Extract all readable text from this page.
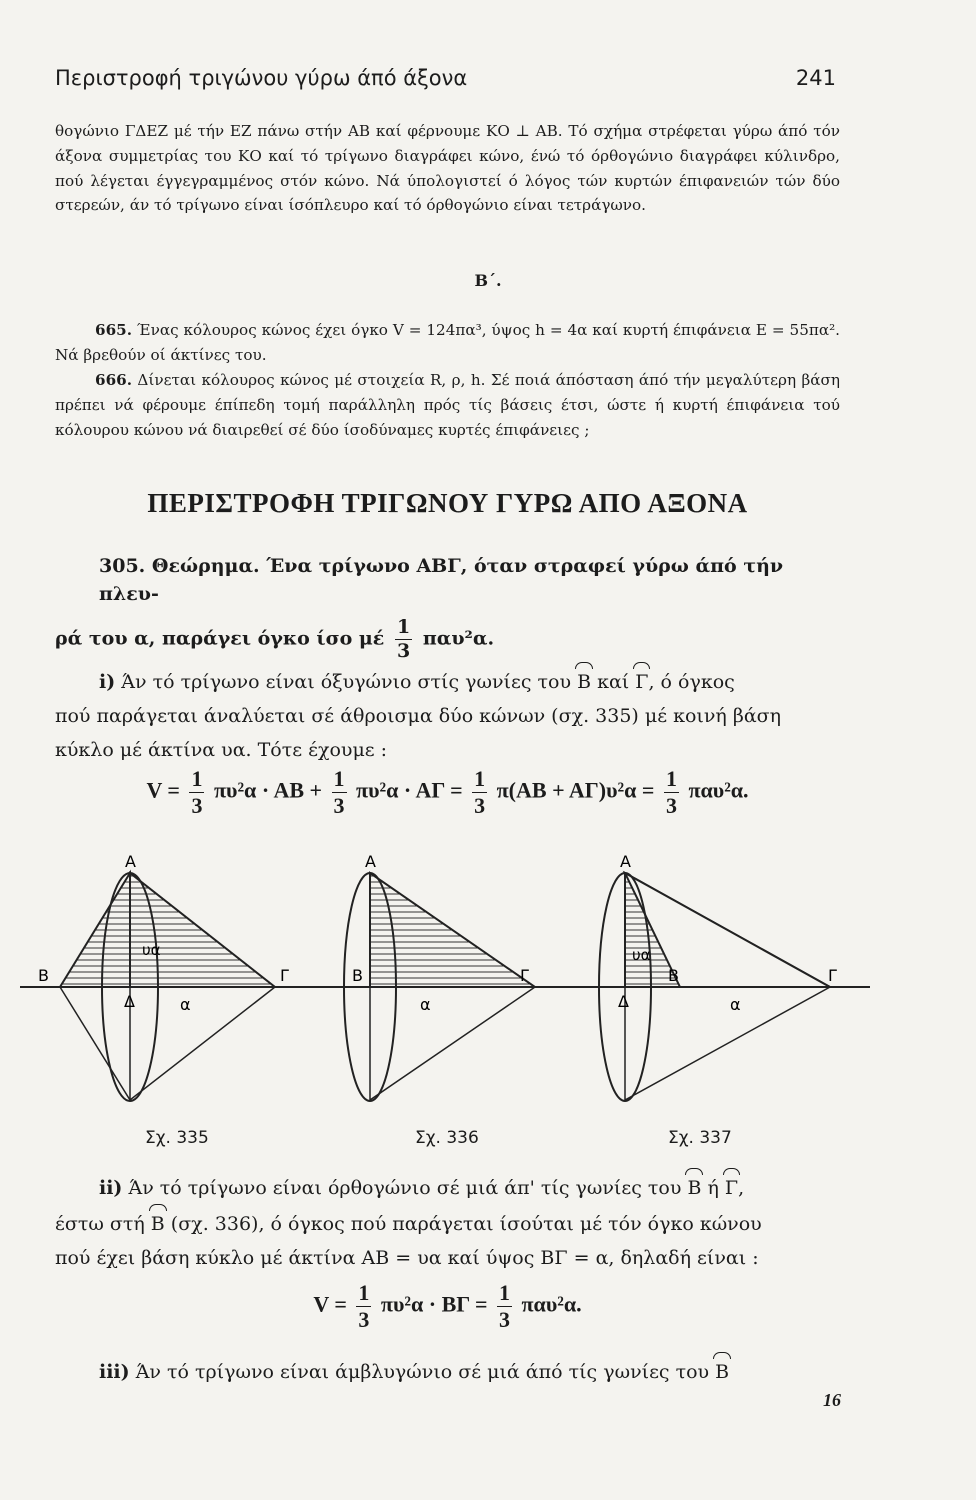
Περιστροφή τριγώνου γύρω άπό άξονα	241

θογώνιο ΓΔΕΖ μέ τήν ΕΖ πάνω στήν ΑΒ καί φέρνουμε ΚΟ ⊥ ΑΒ. Τό σχήμα στρέφεται γύρω άπό τόν άξονα συμμετρίας του ΚΟ καί τό τρίγωνο διαγράφει κώνο, ένώ τό όρθογώνιο διαγράφει κύλινδρο, πού λέγεται έγγεγραμμένος στόν κώνο. Νά ύπολογιστεί ό λόγος τών κυρτών έπιφανειών τών δύο στερεών, άν τό τρίγωνο είναι ίσόπλευρο καί τό όρθογώνιο είναι τετράγωνο.

Β΄.

665. Ένας κόλουρος κώνος έχει όγκο V = 124πα³, ύψος h = 4α καί κυρτή έπιφάνεια Ε = 55πα². Νά βρεθούν οί άκτίνες του.

666. Δίνεται κόλουρος κώνος μέ στοιχεία R, ρ, h. Σέ ποιά άπόσταση άπό τήν μεγαλύτερη βάση πρέπει νά φέρουμε έπίπεδη τομή παράλληλη πρός τίς βάσεις έτσι, ώστε ή κυρτή έπιφάνεια τού κόλουρου κώνου νά διαιρεθεί σέ δύο ίσοδύναμες κυρτές έπιφάνειες ;

ΠΕΡΙΣΤΡΟΦΗ ΤΡΙΓΩΝΟΥ ΓΥΡΩ ΑΠΟ ΑΞΟΝΑ
305. Θεώρημα. Ένα τρίγωνο ΑΒΓ, όταν στραφεί γύρω άπό τήν πλευ-
ρά του α, παράγει όγκο ίσο μέ $\frac{1}{3} \pi\alpha\upsilon^2\alpha$.
i) Άν τό τρίγωνο είναι όξυγώνιο στίς γωνίες του Β καί Γ, ό όγκος
πού παράγεται άναλύεται σέ άθροισμα δύο κώνων (σχ. 335) μέ κοινή βάση
κύκλο μέ άκτίνα υα. Τότε έχουμε :
$V = \frac{1}{3} \pi\upsilon^2\alpha \cdot AB + \frac{1}{3} \pi\upsilon^2\alpha \cdot A\Gamma = \frac{1}{3} \pi(AB + A\Gamma)\upsilon^2\alpha = \frac{1}{3} \pi\alpha\upsilon^2\alpha$.
Α
Β	Γ
Δ
υα
α
Α
Β	Γ
α
Α
Β	Γ
Δ
υα
α
Σχ. 335	Σχ. 336	Σχ. 337
ii) Άν τό τρίγωνο είναι όρθογώνιο σέ μιά άπ' τίς γωνίες του Β ή Γ,
έστω στή Β (σχ. 336), ό όγκος πού παράγεται ίσούται μέ τόν όγκο κώνου
πού έχει βάση κύκλο μέ άκτίνα ΑΒ = υα καί ύψος ΒΓ = α, δηλαδή είναι :
$V = \frac{1}{3} \pi\upsilon^2\alpha \cdot B\Gamma = \frac{1}{3} \pi\alpha\upsilon^2\alpha$.
iii) Άν τό τρίγωνο είναι άμβλυγώνιο σέ μιά άπό τίς γωνίες του Β
16
